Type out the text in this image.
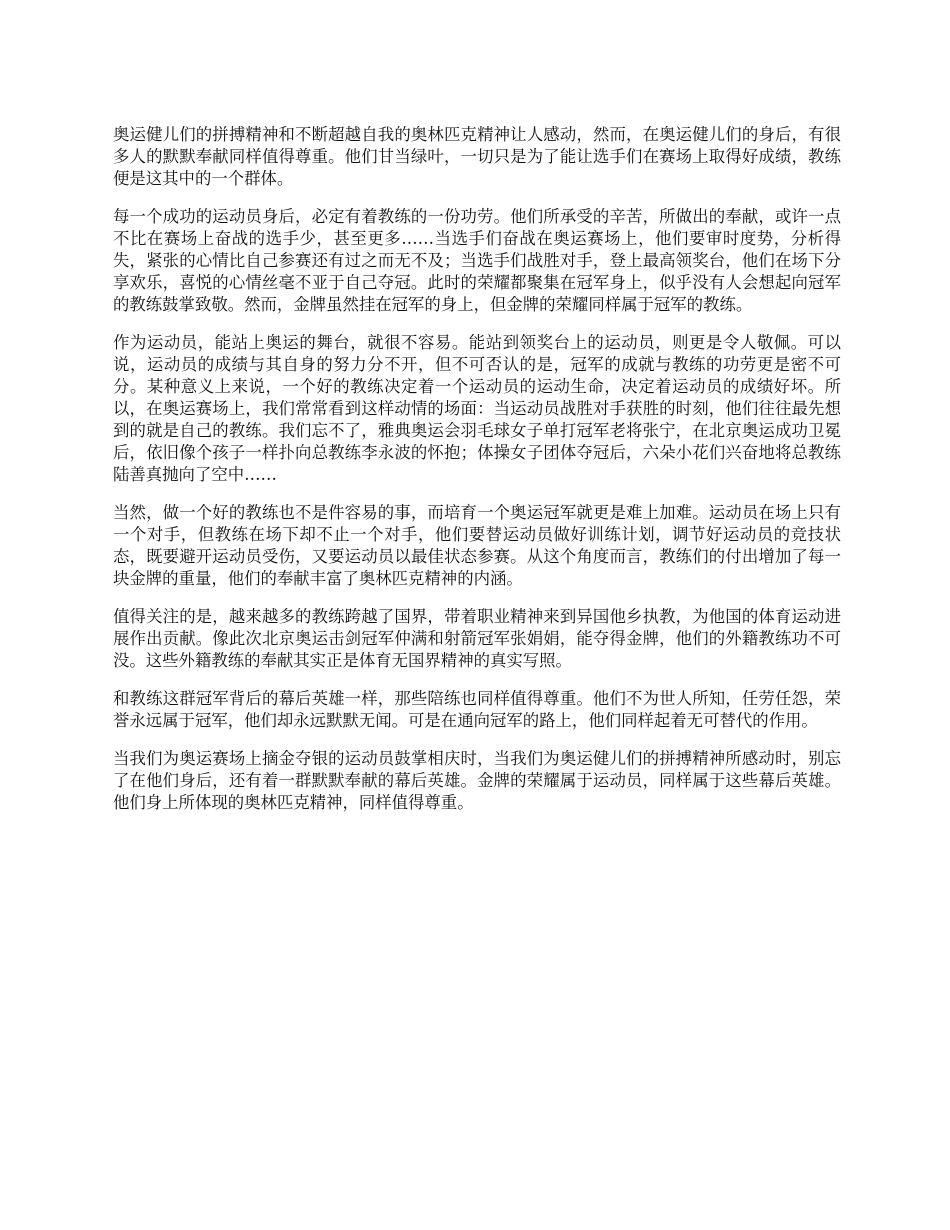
奥运健儿们的拼搏精神和不断超越自我的奥林匹克精神让人感动，然而，在奥运健儿们的身后，有很多人的默默奉献同样值得尊重。他们甘当绿叶，一切只是为了能让选手们在赛场上取得好成绩，教练便是这其中的一个群体。

每一个成功的运动员身后，必定有着教练的一份功劳。他们所承受的辛苦，所做出的奉献，或许一点不比在赛场上奋战的选手少，甚至更多……当选手们奋战在奥运赛场上，他们要审时度势，分析得失，紧张的心情比自己参赛还有过之而无不及；当选手们战胜对手，登上最高领奖台，他们在场下分享欢乐，喜悦的心情丝毫不亚于自己夺冠。此时的荣耀都聚集在冠军身上，似乎没有人会想起向冠军的教练鼓掌致敬。然而，金牌虽然挂在冠军的身上，但金牌的荣耀同样属于冠军的教练。

作为运动员，能站上奥运的舞台，就很不容易。能站到领奖台上的运动员，则更是令人敬佩。可以说，运动员的成绩与其自身的努力分不开，但不可否认的是，冠军的成就与教练的功劳更是密不可分。某种意义上来说，一个好的教练决定着一个运动员的运动生命，决定着运动员的成绩好坏。所以，在奥运赛场上，我们常常看到这样动情的场面：当运动员战胜对手获胜的时刻，他们往往最先想到的就是自己的教练。我们忘不了，雅典奥运会羽毛球女子单打冠军老将张宁，在北京奥运成功卫冕后，依旧像个孩子一样扑向总教练李永波的怀抱；体操女子团体夺冠后，六朵小花们兴奋地将总教练陆善真抛向了空中……

当然，做一个好的教练也不是件容易的事，而培育一个奥运冠军就更是难上加难。运动员在场上只有一个对手，但教练在场下却不止一个对手，他们要替运动员做好训练计划，调节好运动员的竞技状态，既要避开运动员受伤，又要运动员以最佳状态参赛。从这个角度而言，教练们的付出增加了每一块金牌的重量，他们的奉献丰富了奥林匹克精神的内涵。

值得关注的是，越来越多的教练跨越了国界，带着职业精神来到异国他乡执教，为他国的体育运动进展作出贡献。像此次北京奥运击剑冠军仲满和射箭冠军张娟娟，能夺得金牌，他们的外籍教练功不可没。这些外籍教练的奉献其实正是体育无国界精神的真实写照。

和教练这群冠军背后的幕后英雄一样，那些陪练也同样值得尊重。他们不为世人所知，任劳任怨，荣誉永远属于冠军，他们却永远默默无闻。可是在通向冠军的路上，他们同样起着无可替代的作用。

当我们为奥运赛场上摘金夺银的运动员鼓掌相庆时，当我们为奥运健儿们的拼搏精神所感动时，别忘了在他们身后，还有着一群默默奉献的幕后英雄。金牌的荣耀属于运动员，同样属于这些幕后英雄。他们身上所体现的奥林匹克精神，同样值得尊重。
